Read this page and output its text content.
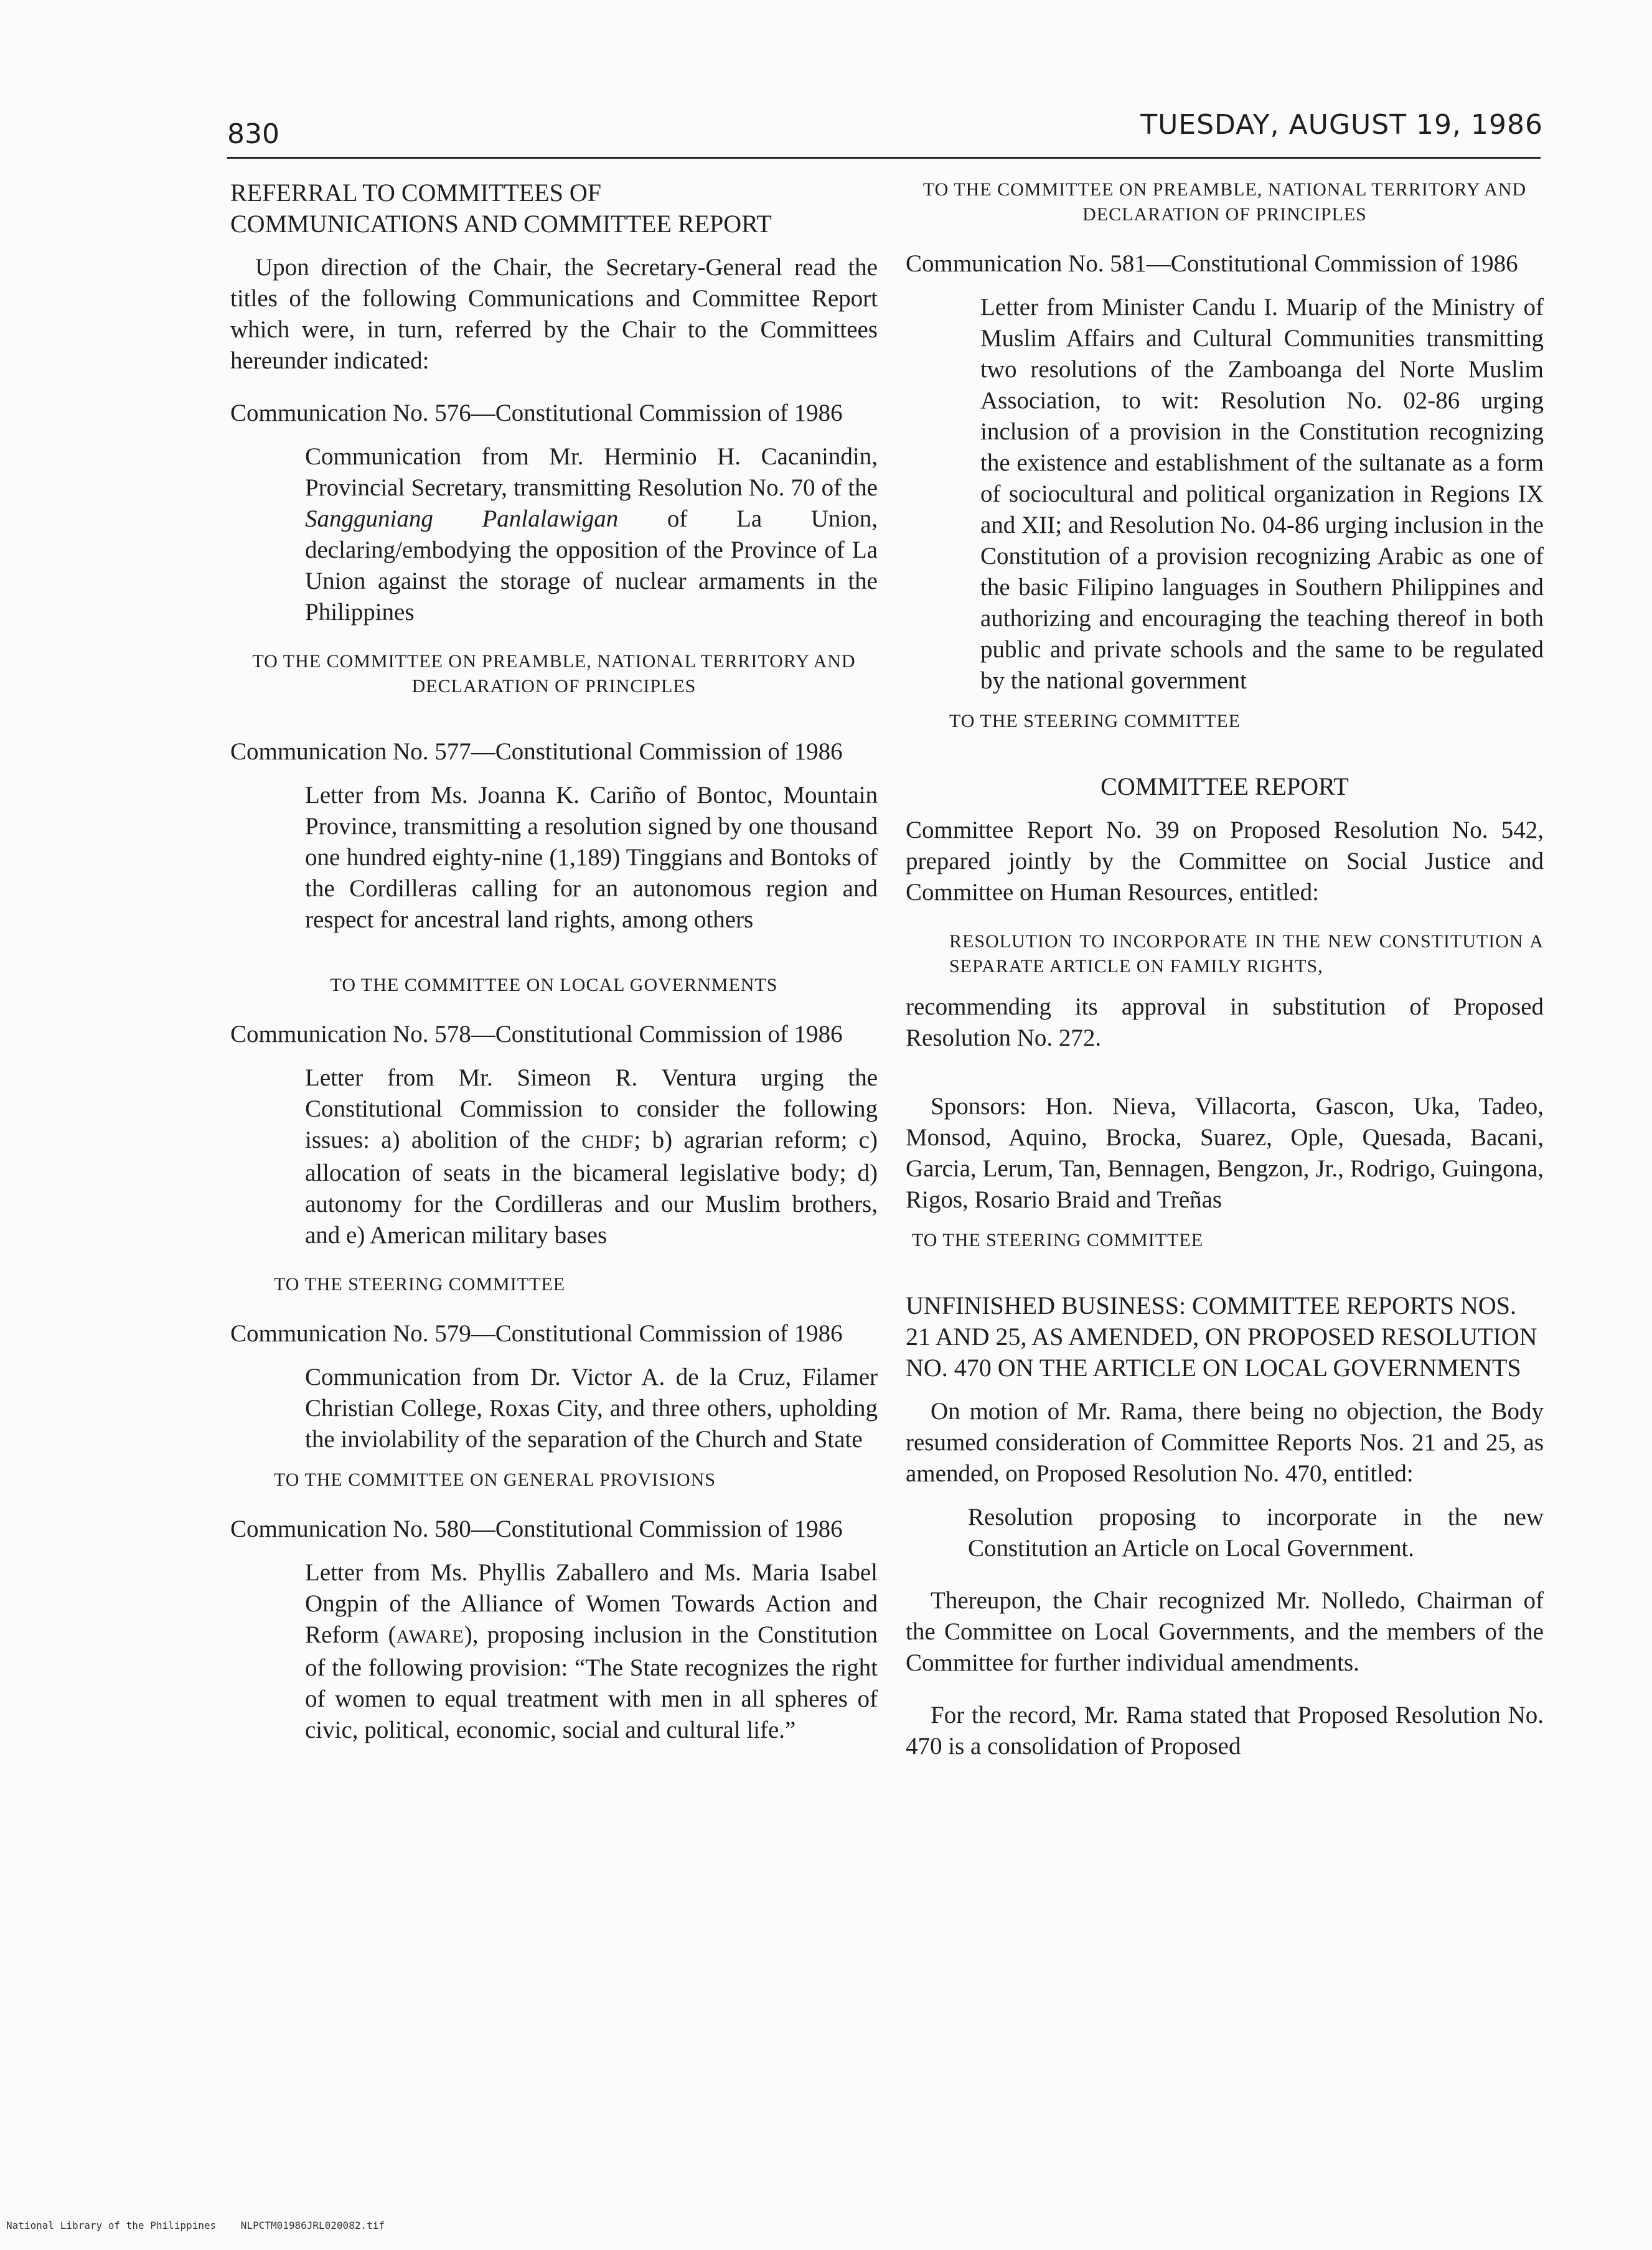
830	TUESDAY, AUGUST 19, 1986

REFERRAL TO COMMITTEES OF

COMMUNICATIONS AND COMMITTEE REPORT

Upon direction of the Chair, the Secretary-General read the titles of the following Communications and Committee Report which were, in turn, referred by the Chair to the Committees hereunder indicated:

Communication No. 576—Constitutional Commission of 1986

Communication from Mr. Herminio H. Cacanindin, Provincial Secretary, transmitting Resolution No. 70 of the Sangguniang Panlalawigan of La Union, declaring/embodying the opposition of the Province of La Union against the storage of nuclear armaments in the Philippines

TO THE COMMITTEE ON PREAMBLE, NATIONAL TERRITORY AND DECLARATION OF PRINCIPLES

Communication No. 577—Constitutional Commission of 1986

Letter from Ms. Joanna K. Cariño of Bontoc, Mountain Province, transmitting a resolution signed by one thousand one hundred eighty-nine (1,189) Tinggians and Bontoks of the Cordilleras calling for an autonomous region and respect for ancestral land rights, among others

TO THE COMMITTEE ON LOCAL GOVERNMENTS

Communication No. 578—Constitutional Commission of 1986

Letter from Mr. Simeon R. Ventura urging the Constitutional Commission to consider the following issues: a) abolition of the CHDF; b) agrarian reform; c) allocation of seats in the bicameral legislative body; d) autonomy for the Cordilleras and our Muslim brothers, and e) American military bases

TO THE STEERING COMMITTEE

Communication No. 579—Constitutional Commission of 1986

Communication from Dr. Victor A. de la Cruz, Filamer Christian College, Roxas City, and three others, upholding the inviolability of the separation of the Church and State

TO THE COMMITTEE ON GENERAL PROVISIONS

Communication No. 580—Constitutional Commission of 1986

Letter from Ms. Phyllis Zaballero and Ms. Maria Isabel Ongpin of the Alliance of Women Towards Action and Reform (AWARE), proposing inclusion in the Constitution of the following provision: “The State recognizes the right of women to equal treatment with men in all spheres of civic, political, economic, social and cultural life.”

TO THE COMMITTEE ON PREAMBLE, NATIONAL TERRITORY AND DECLARATION OF PRINCIPLES

Communication No. 581—Constitutional Commission of 1986

Letter from Minister Candu I. Muarip of the Ministry of Muslim Affairs and Cultural Communities transmitting two resolutions of the Zamboanga del Norte Muslim Association, to wit: Resolution No. 02-86 urging inclusion of a provision in the Constitution recognizing the existence and establishment of the sultanate as a form of sociocultural and political organization in Regions IX and XII; and Resolution No. 04-86 urging inclusion in the Constitution of a provision recognizing Arabic as one of the basic Filipino languages in Southern Philippines and authorizing and encouraging the teaching thereof in both public and private schools and the same to be regulated by the national government

TO THE STEERING COMMITTEE

COMMITTEE REPORT

Committee Report No. 39 on Proposed Resolution No. 542, prepared jointly by the Committee on Social Justice and Committee on Human Resources, entitled:

RESOLUTION TO INCORPORATE IN THE NEW CONSTITUTION A SEPARATE ARTICLE ON FAMILY RIGHTS,

recommending its approval in substitution of Proposed Resolution No. 272.

Sponsors: Hon. Nieva, Villacorta, Gascon, Uka, Tadeo, Monsod, Aquino, Brocka, Suarez, Ople, Quesada, Bacani, Garcia, Lerum, Tan, Bennagen, Bengzon, Jr., Rodrigo, Guingona, Rigos, Rosario Braid and Treñas

TO THE STEERING COMMITTEE

UNFINISHED BUSINESS: COMMITTEE REPORTS NOS. 21 AND 25, AS AMENDED, ON PROPOSED RESOLUTION NO. 470 ON THE ARTICLE ON LOCAL GOVERNMENTS

On motion of Mr. Rama, there being no objection, the Body resumed consideration of Committee Reports Nos. 21 and 25, as amended, on Proposed Resolution No. 470, entitled:

Resolution proposing to incorporate in the new Constitution an Article on Local Government.

Thereupon, the Chair recognized Mr. Nolledo, Chairman of the Committee on Local Governments, and the members of the Committee for further individual amendments.

For the record, Mr. Rama stated that Proposed Resolution No. 470 is a consolidation of Proposed

National Library of the Philippines NLPCTM01986JRL020082.tif
